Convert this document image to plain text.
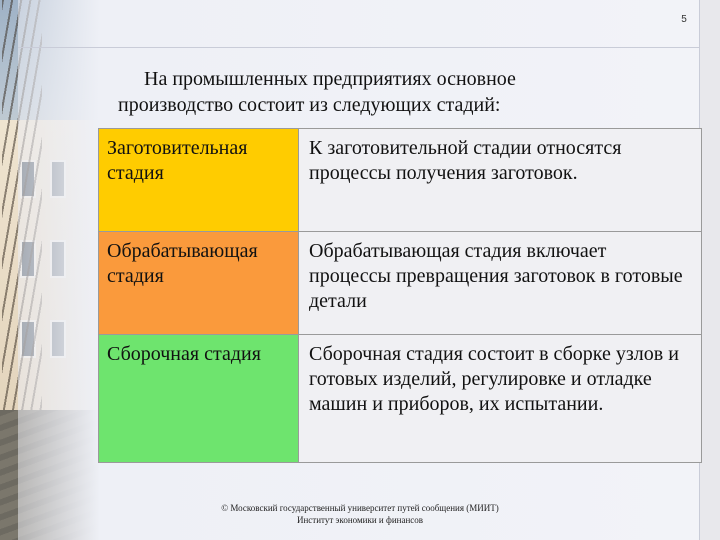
5
На промышленных предприятиях основное
производство состоит из следующих стадий:
Заготовительная стадия	К заготовительной стадии относятся процессы получения заготовок.
Обрабатывающая стадия	Обрабатывающая стадия включает процессы превращения заготовок в готовые детали
Сборочная стадия	Сборочная стадия состоит в сборке узлов и готовых изделий, регулировке и отладке машин и приборов, их испытании.
© Московский государственный университет путей сообщения (МИИТ)
Институт экономики и финансов
